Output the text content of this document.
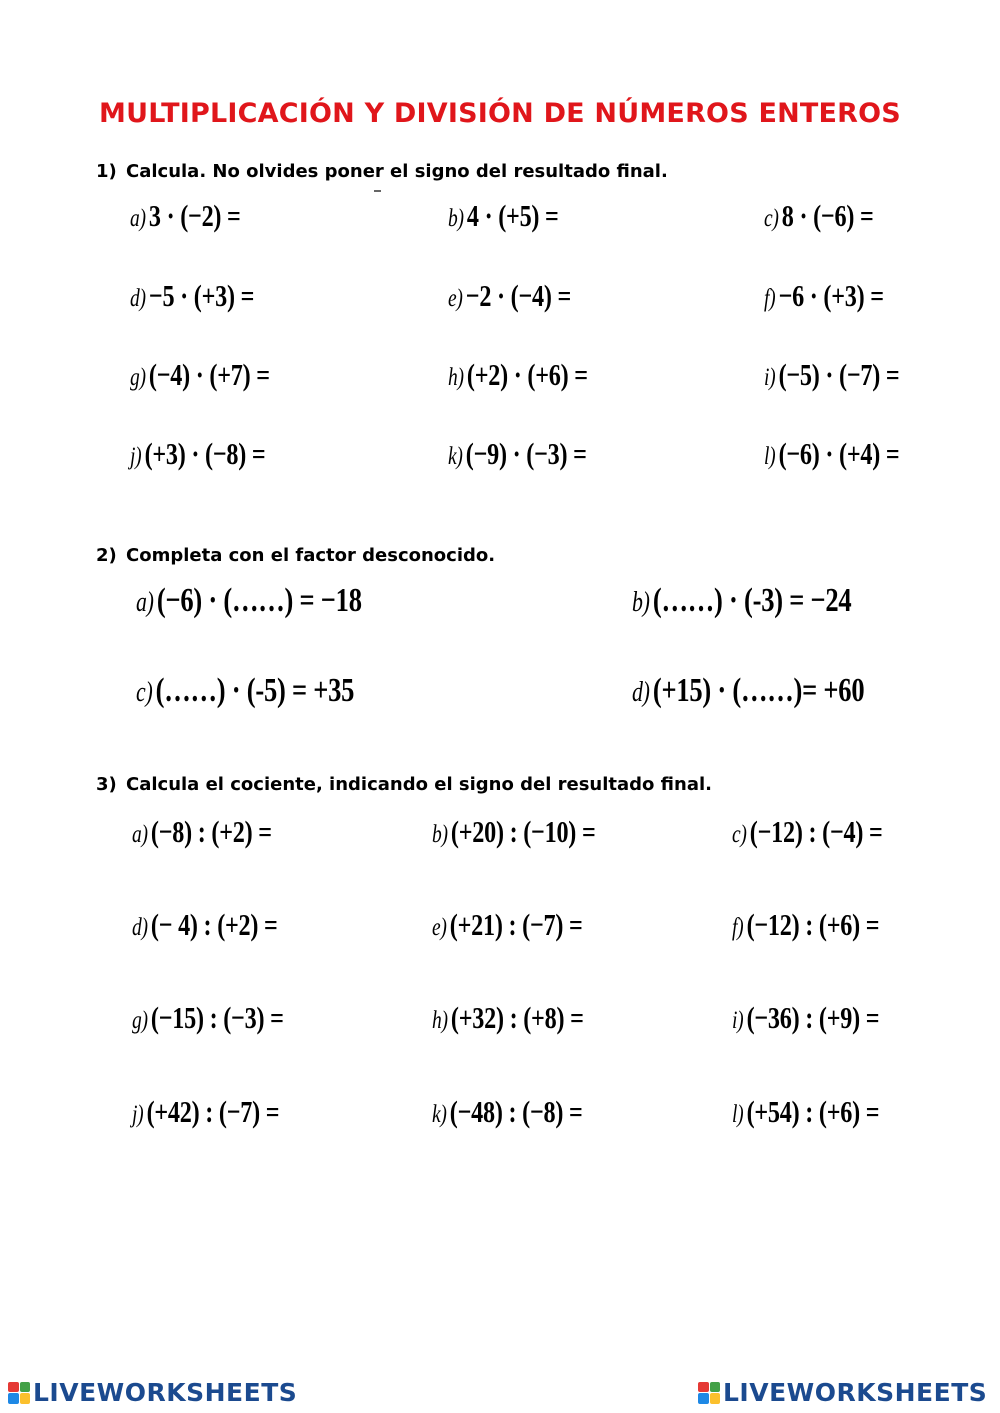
MULTIPLICACIÓN Y DIVISIÓN DE NÚMEROS ENTEROS
1) Calcula. No olvides poner el signo del resultado final.
a) 3 · (−2) =	b) 4 · (+5) =	c) 8 · (−6) =
d) −5 · (+3) =	e) −2 · (−4) =	f) −6 · (+3) =
g) (−4) · (+7) =	h) (+2) · (+6) =	i) (−5) · (−7) =
j) (+3) · (−8) =	k) (−9) · (−3) =	l) (−6) · (+4) =
2) Completa con el factor desconocido.
a)(−6) · (……) = −18	b)(……) · (-3) = −24
c)(……) · (-5) = +35	d)(+15) · (……)= +60
3) Calcula el cociente, indicando el signo del resultado final.
a) (−8) : (+2) =	b) (+20) : (−10) =	c) (−12) : (−4) =
d) (− 4) : (+2) =	e) (+21) : (−7) =	f) (−12) : (+6) =
g) (−15) : (−3) =	h) (+32) : (+8) =	i) (−36) : (+9) =
j) (+42) : (−7) =	k) (−48) : (−8) =	l) (+54) : (+6) =
LIVEWORKSHEETS	LIVEWORKSHEETS
